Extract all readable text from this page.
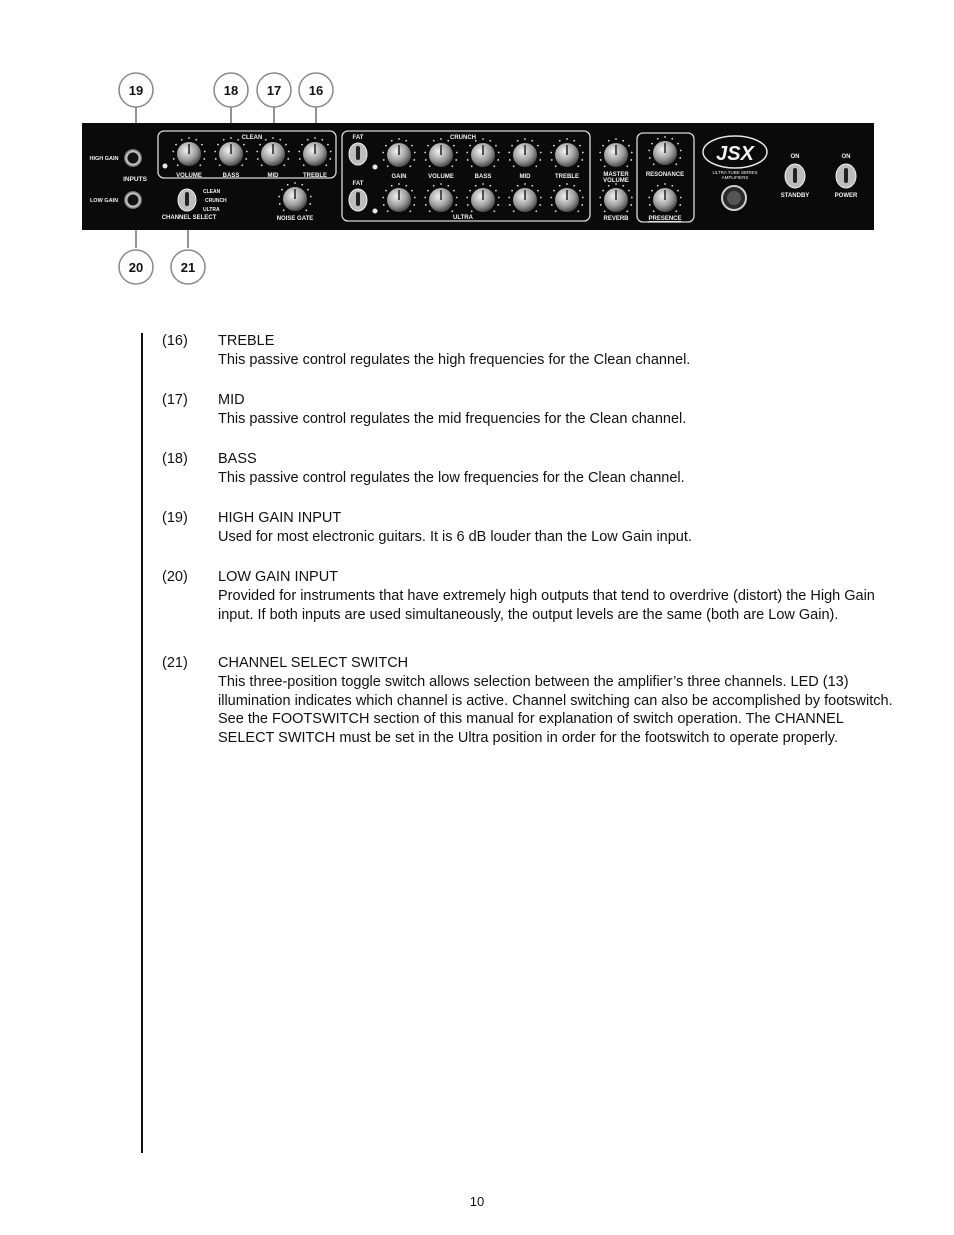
19	18 17 16
20	21
JSX
HIGH GAIN
INPUTS
LOW GAIN
CLEAN	CRUNCH
ULTRA
FAT
FAT
VOLUME	BASS	MID	TREBLE	GAIN	VOLUME	BASS	MID	TREBLE
CLEAN
CRUNCH
ULTRA
CHANNEL SELECT	NOISE GATE
MASTER
VOLUME
REVERB
RESONANCE
PRESENCE
ULTRA TUBE SERIES
AMPLIFIERS
ON	ON
STANDBY	POWER
(16) TREBLE
This passive control regulates the high frequencies for the Clean channel.
(17) MID
This passive control regulates the mid frequencies for the Clean channel.
(18) BASS
This passive control regulates the low frequencies for the Clean channel.
(19) HIGH GAIN INPUT
Used for most electronic guitars. It is 6 dB louder than the Low Gain input.
(20) LOW GAIN INPUT
Provided for instruments that have extremely high outputs that tend to overdrive (distort) the High Gain input. If both inputs are used simultaneously, the output levels are the same (both are Low Gain).
(21) CHANNEL SELECT SWITCH
This three-position toggle switch allows selection between the amplifier’s three channels. LED (13) illumination indicates which channel is active. Channel switching can also be accomplished by footswitch. See the FOOTSWITCH section of this manual for explanation of switch operation. The CHANNEL SELECT SWITCH must be set in the Ultra position in order for the footswitch to operate properly.
10
